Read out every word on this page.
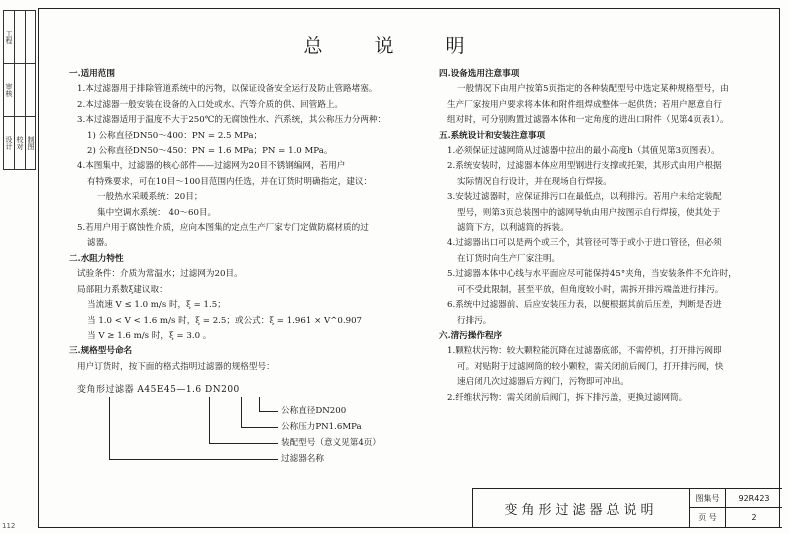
工程
审核
设计 校对 制图
总说明
一.适用范围
1.本过滤器用于排除管道系统中的污物，以保证设备安全运行及防止管路堵塞。
2.本过滤器一般安装在设备的入口处或水、汽等介质的供、回管路上。
3.本过滤器适用于温度不大于250℃的无腐蚀性水、汽系统，其公称压力分两种：
1) 公称直径DN50～400：PN = 2.5 MPa；
2) 公称直径DN50～450：PN = 1.6 MPa；PN = 1.0 MPa。
4.本图集中，过滤器的核心部件——过滤网为20目不锈钢编网，若用户
有特殊要求，可在10目～100目范围内任选，并在订货时明确指定，建议：
一般热水采暖系统：20目；
集中空调水系统： 40～60目。
5.若用户用于腐蚀性介质，应向本图集的定点生产厂家专门定做防腐材质的过
滤器。
二.水阻力特性
试验条件：介质为常温水；过滤网为20目。
局部阻力系数ξ建议取：
当流速 V ≤ 1.0 m/s 时，ξ = 1.5；
当 1.0 < V < 1.6 m/s 时，ξ = 2.5；或公式：ξ = 1.961 × V^0.907
当 V ≥ 1.6 m/s 时，ξ = 3.0 。
三.规格型号命名
用户订货时，按下面的格式指明过滤器的规格型号：
变角形过滤器 A45E45—1.6 DN200
公称直径DN200
公称压力PN1.6MPa
装配型号（意义见第4页）
过滤器名称
四.设备选用注意事项
一般情况下由用户按第5页指定的各种装配型号中选定某种规格型号，由
生产厂家按用户要求将本体和附件组焊成整体一起供货；若用户愿意自行
组对时，可分别购置过滤器本体和一定角度的进出口附件（见第4页表1）。
五.系统设计和安装注意事项
1.必须保证过滤网筒从过滤器中拉出的最小高度h（其值见第3页图表）。
2.系统安装时，过滤器本体应用型钢进行支撑或托架，其形式由用户根据
实际情况自行设计，并在现场自行焊接。
3.安装过滤器时，应保证排污口在最低点，以利排污。若用户未给定装配
型号，则第3页总装图中的滤网导轨由用户按图示自行焊接，使其处于
滤筒下方，以利滤筒的拆装。
4.过滤器出口可以是两个或三个，其管径可等于或小于进口管径，但必须
在订货时向生产厂家注明。
5.过滤器本体中心线与水平面应尽可能保持45°夹角，当安装条件不允许时，
可不受此限制，甚至平放，但角度较小时，需拆开排污端盖进行排污。
6.系统中过滤器前、后应安装压力表，以便根据其前后压差，判断是否进
行排污。
六.清污操作程序
1.颗粒状污物：较大颗粒能沉降在过滤器底部，不需停机，打开排污阀即
可。对贴附于过滤网筒的较小颗粒，需关闭前后阀门，打开排污阀，快
速启闭几次过滤器后方阀门，污物即可冲出。
2.纤维状污物：需关闭前后阀门，拆下排污盖，更换过滤网筒。
变角形过滤器总说明
图集号	92R423
页 号	2
112
